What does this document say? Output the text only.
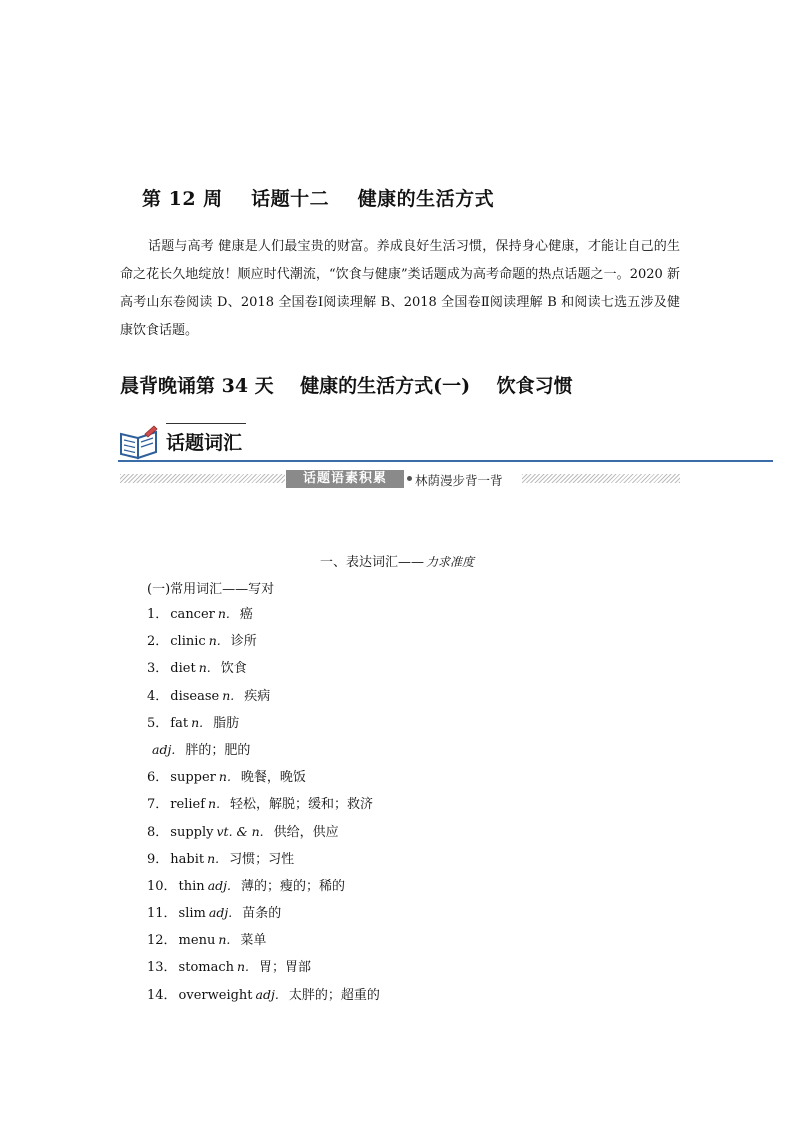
第 12 周    话题十二    健康的生活方式

话题与高考 健康是人们最宝贵的财富。养成良好生活习惯，保持身心健康，才能让自己的生命之花长久地绽放！顺应时代潮流，“饮食与健康”类话题成为高考命题的热点话题之一。2020 新高考山东卷阅读 D、2018 全国卷Ⅰ阅读理解 B、2018 全国卷Ⅱ阅读理解 B 和阅读七选五涉及健康饮食话题。

晨背晚诵第 34 天    健康的生活方式(一)    饮食习惯
话题词汇
话题语素积累	林荫漫步背一背
一、表达词汇—— 力求准度
(一)常用词汇——写对
1． cancer n. 癌
2． clinic n. 诊所
3． diet n. 饮食
4． disease n. 疾病
5． fat n. 脂肪
adj. 胖的；肥的
6． supper n. 晚餐，晚饭
7． relief n. 轻松，解脱；缓和；救济
8． supply vt. & n. 供给，供应
9． habit n. 习惯；习性
10． thin adj. 薄的；瘦的；稀的
11． slim adj. 苗条的
12． menu n. 菜单
13． stomach n. 胃；胃部
14． overweight adj. 太胖的；超重的
